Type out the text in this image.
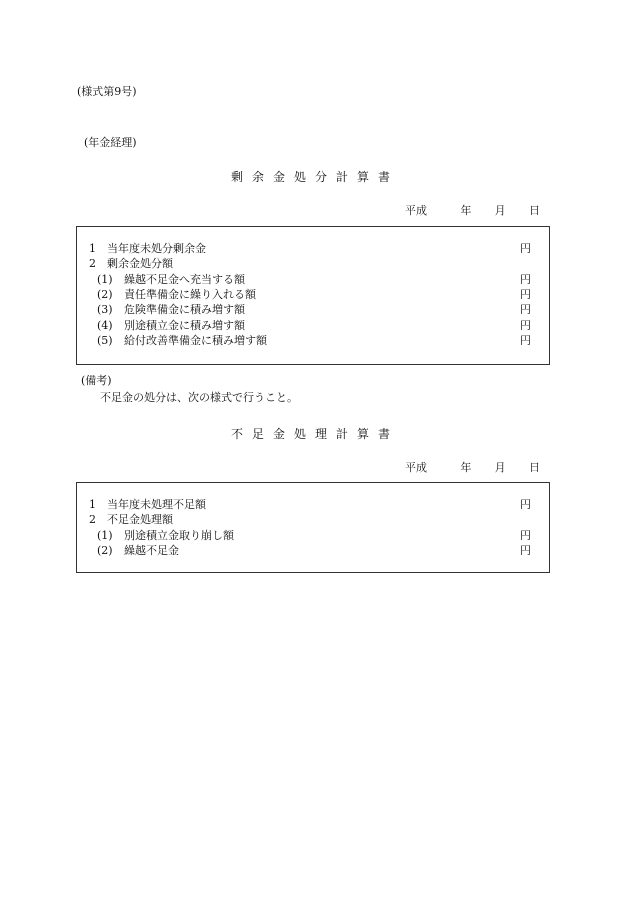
(様式第9号)
(年金経理)
剰余金処分計算書
平成	年 月 日
1 当年度未処分剰余金	円
2 剰余金処分額
(1) 繰越不足金へ充当する額	円
(2) 責任準備金に繰り入れる額	円
(3) 危険準備金に積み増す額	円
(4) 別途積立金に積み増す額	円
(5) 給付改善準備金に積み増す額	円
(備考)
不足金の処分は、次の様式で行うこと。
不足金処理計算書
平成	年 月 日
1 当年度未処理不足額	円
2 不足金処理額
(1) 別途積立金取り崩し額	円
(2) 繰越不足金	円
